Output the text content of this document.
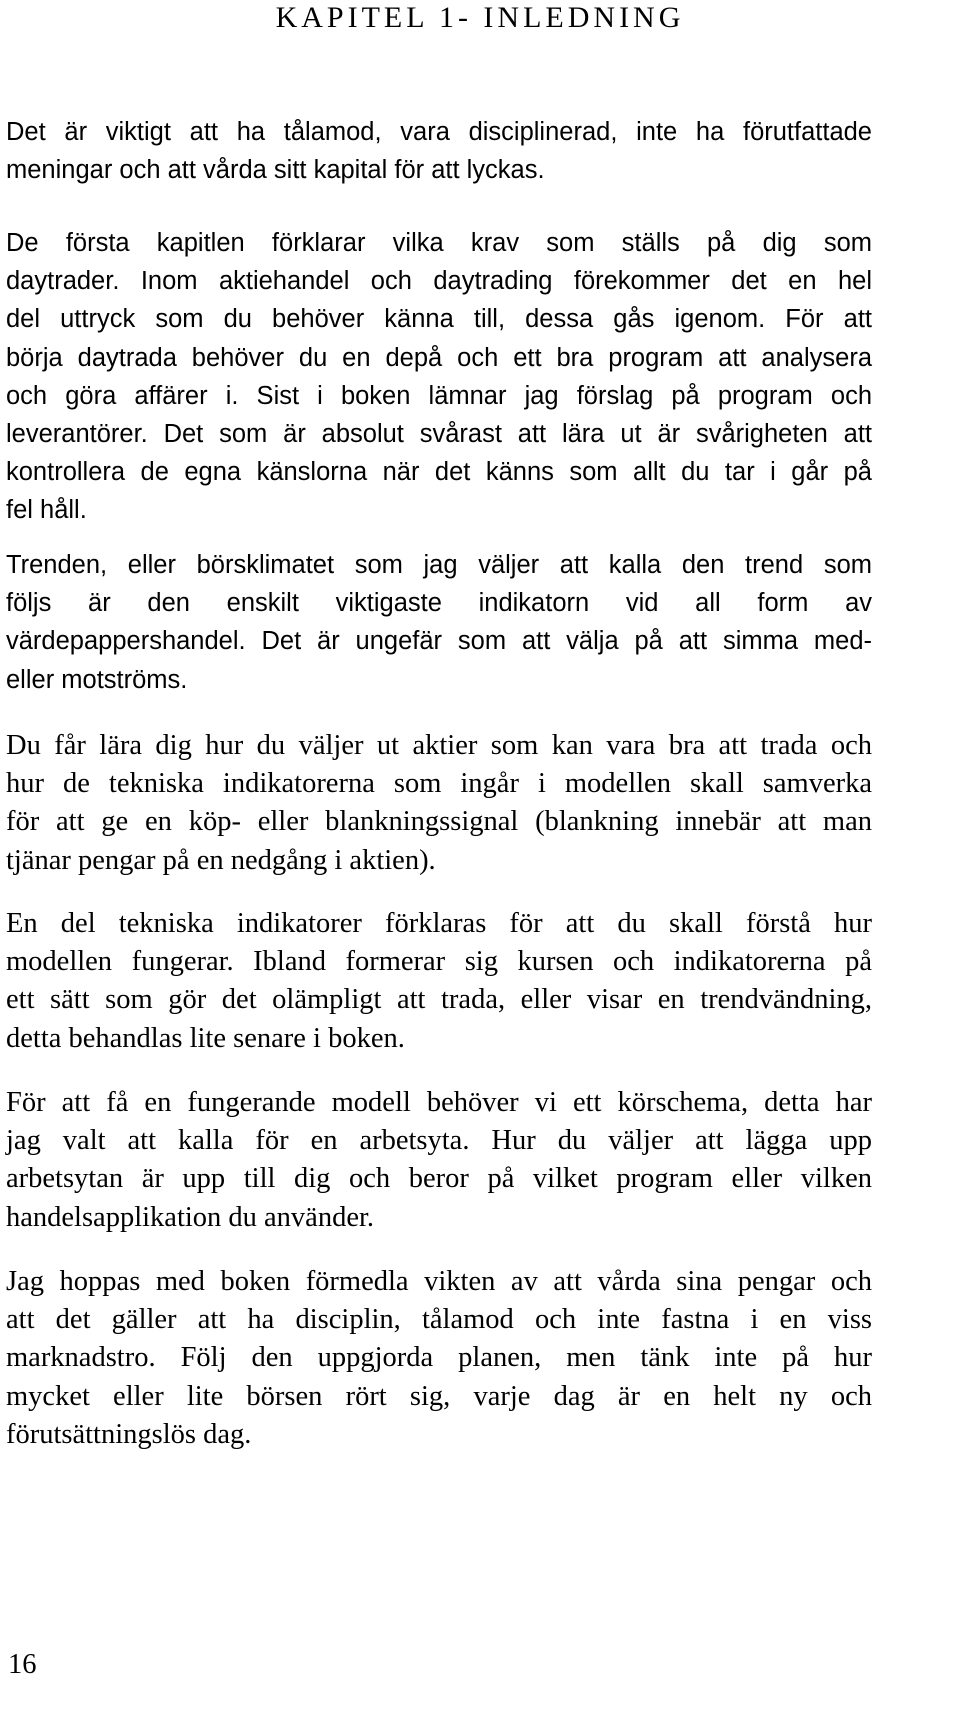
KAPITEL 1- INLEDNING
Det är viktigt att ha tålamod, vara disciplinerad, inte ha förutfattade
meningar och att vårda sitt kapital för att lyckas.
De första kapitlen förklarar vilka krav som ställs på dig som
daytrader. Inom aktiehandel och daytrading förekommer det en hel
del uttryck som du behöver känna till, dessa gås igenom. För att
börja daytrada behöver du en depå och ett bra program att analysera
och göra affärer i. Sist i boken lämnar jag förslag på program och
leverantörer. Det som är absolut svårast att lära ut är svårigheten att
kontrollera de egna känslorna när det känns som allt du tar i går på
fel håll.
Trenden, eller börsklimatet som jag väljer att kalla den trend som
följs är den enskilt viktigaste indikatorn vid all form av
värdepappershandel. Det är ungefär som att välja på att simma med-
eller motströms.
Du får lära dig hur du väljer ut aktier som kan vara bra att trada och
hur de tekniska indikatorerna som ingår i modellen skall samverka
för att ge en köp- eller blankningssignal (blankning innebär att man
tjänar pengar på en nedgång i aktien).
En del tekniska indikatorer förklaras för att du skall förstå hur
modellen fungerar. Ibland formerar sig kursen och indikatorerna på
ett sätt som gör det olämpligt att trada, eller visar en trendvändning,
detta behandlas lite senare i boken.
För att få en fungerande modell behöver vi ett körschema, detta har
jag valt att kalla för en arbetsyta. Hur du väljer att lägga upp
arbetsytan är upp till dig och beror på vilket program eller vilken
handelsapplikation du använder.
Jag hoppas med boken förmedla vikten av att vårda sina pengar och
att det gäller att ha disciplin, tålamod och inte fastna i en viss
marknadstro. Följ den uppgjorda planen, men tänk inte på hur
mycket eller lite börsen rört sig, varje dag är en helt ny och
förutsättningslös dag.
16
